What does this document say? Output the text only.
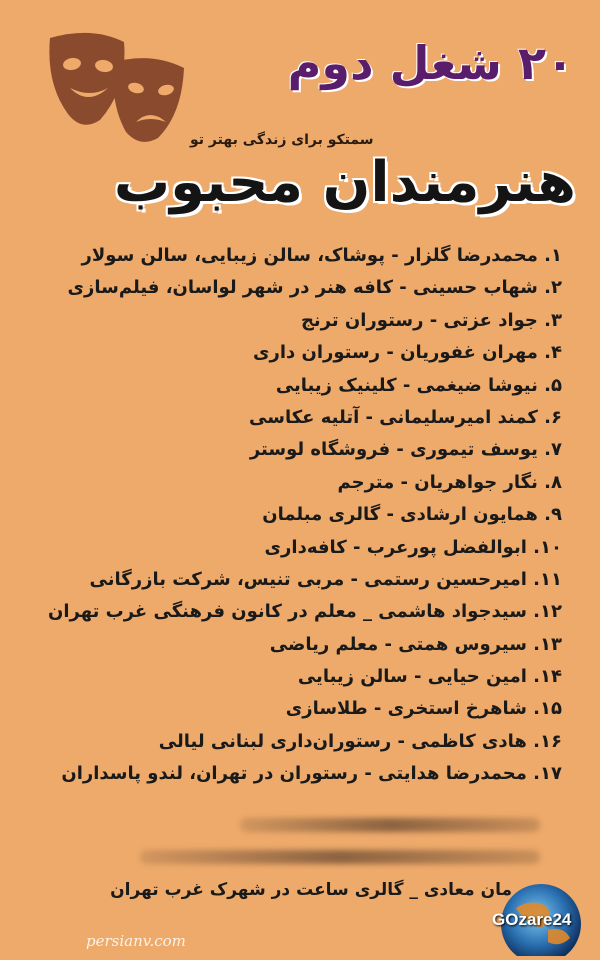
۲۰ شغل دوم
سمتکو برای زندگی بهتر تو
هنرمندان محبوب
۱. محمدرضا گلزار - پوشاک، سالن زیبایی، سالن سولار
۲. شهاب حسینی - کافه هنر در شهر لواسان، فیلم‌سازی
۳. جواد عزتی - رستوران ترنج
۴. مهران غفوریان - رستوران داری
۵. نیوشا ضیغمی - کلینیک زیبایی
۶. کمند امیرسلیمانی - آتلیه عکاسی
۷. یوسف تیموری - فروشگاه لوستر
۸. نگار جواهریان - مترجم
۹. همایون ارشادی - گالری مبلمان
۱۰. ابوالفضل پورعرب - کافه‌داری
۱۱. امیرحسین رستمی - مربی تنیس، شرکت بازرگانی
۱۲. سیدجواد هاشمی _ معلم در کانون فرهنگی غرب تهران
۱۳. سیروس همتی - معلم ریاضی
۱۴. امین حیایی - سالن زیبایی
۱۵. شاهرخ استخری - طلاسازی
۱۶. هادی کاظمی - رستوران‌داری لبنانی لیالی
۱۷. محمدرضا هدایتی - رستوران در تهران، لندو پاسداران
مان معادی _ گالری ساعت در شهرک غرب تهران
persianv.com
GOzare24
